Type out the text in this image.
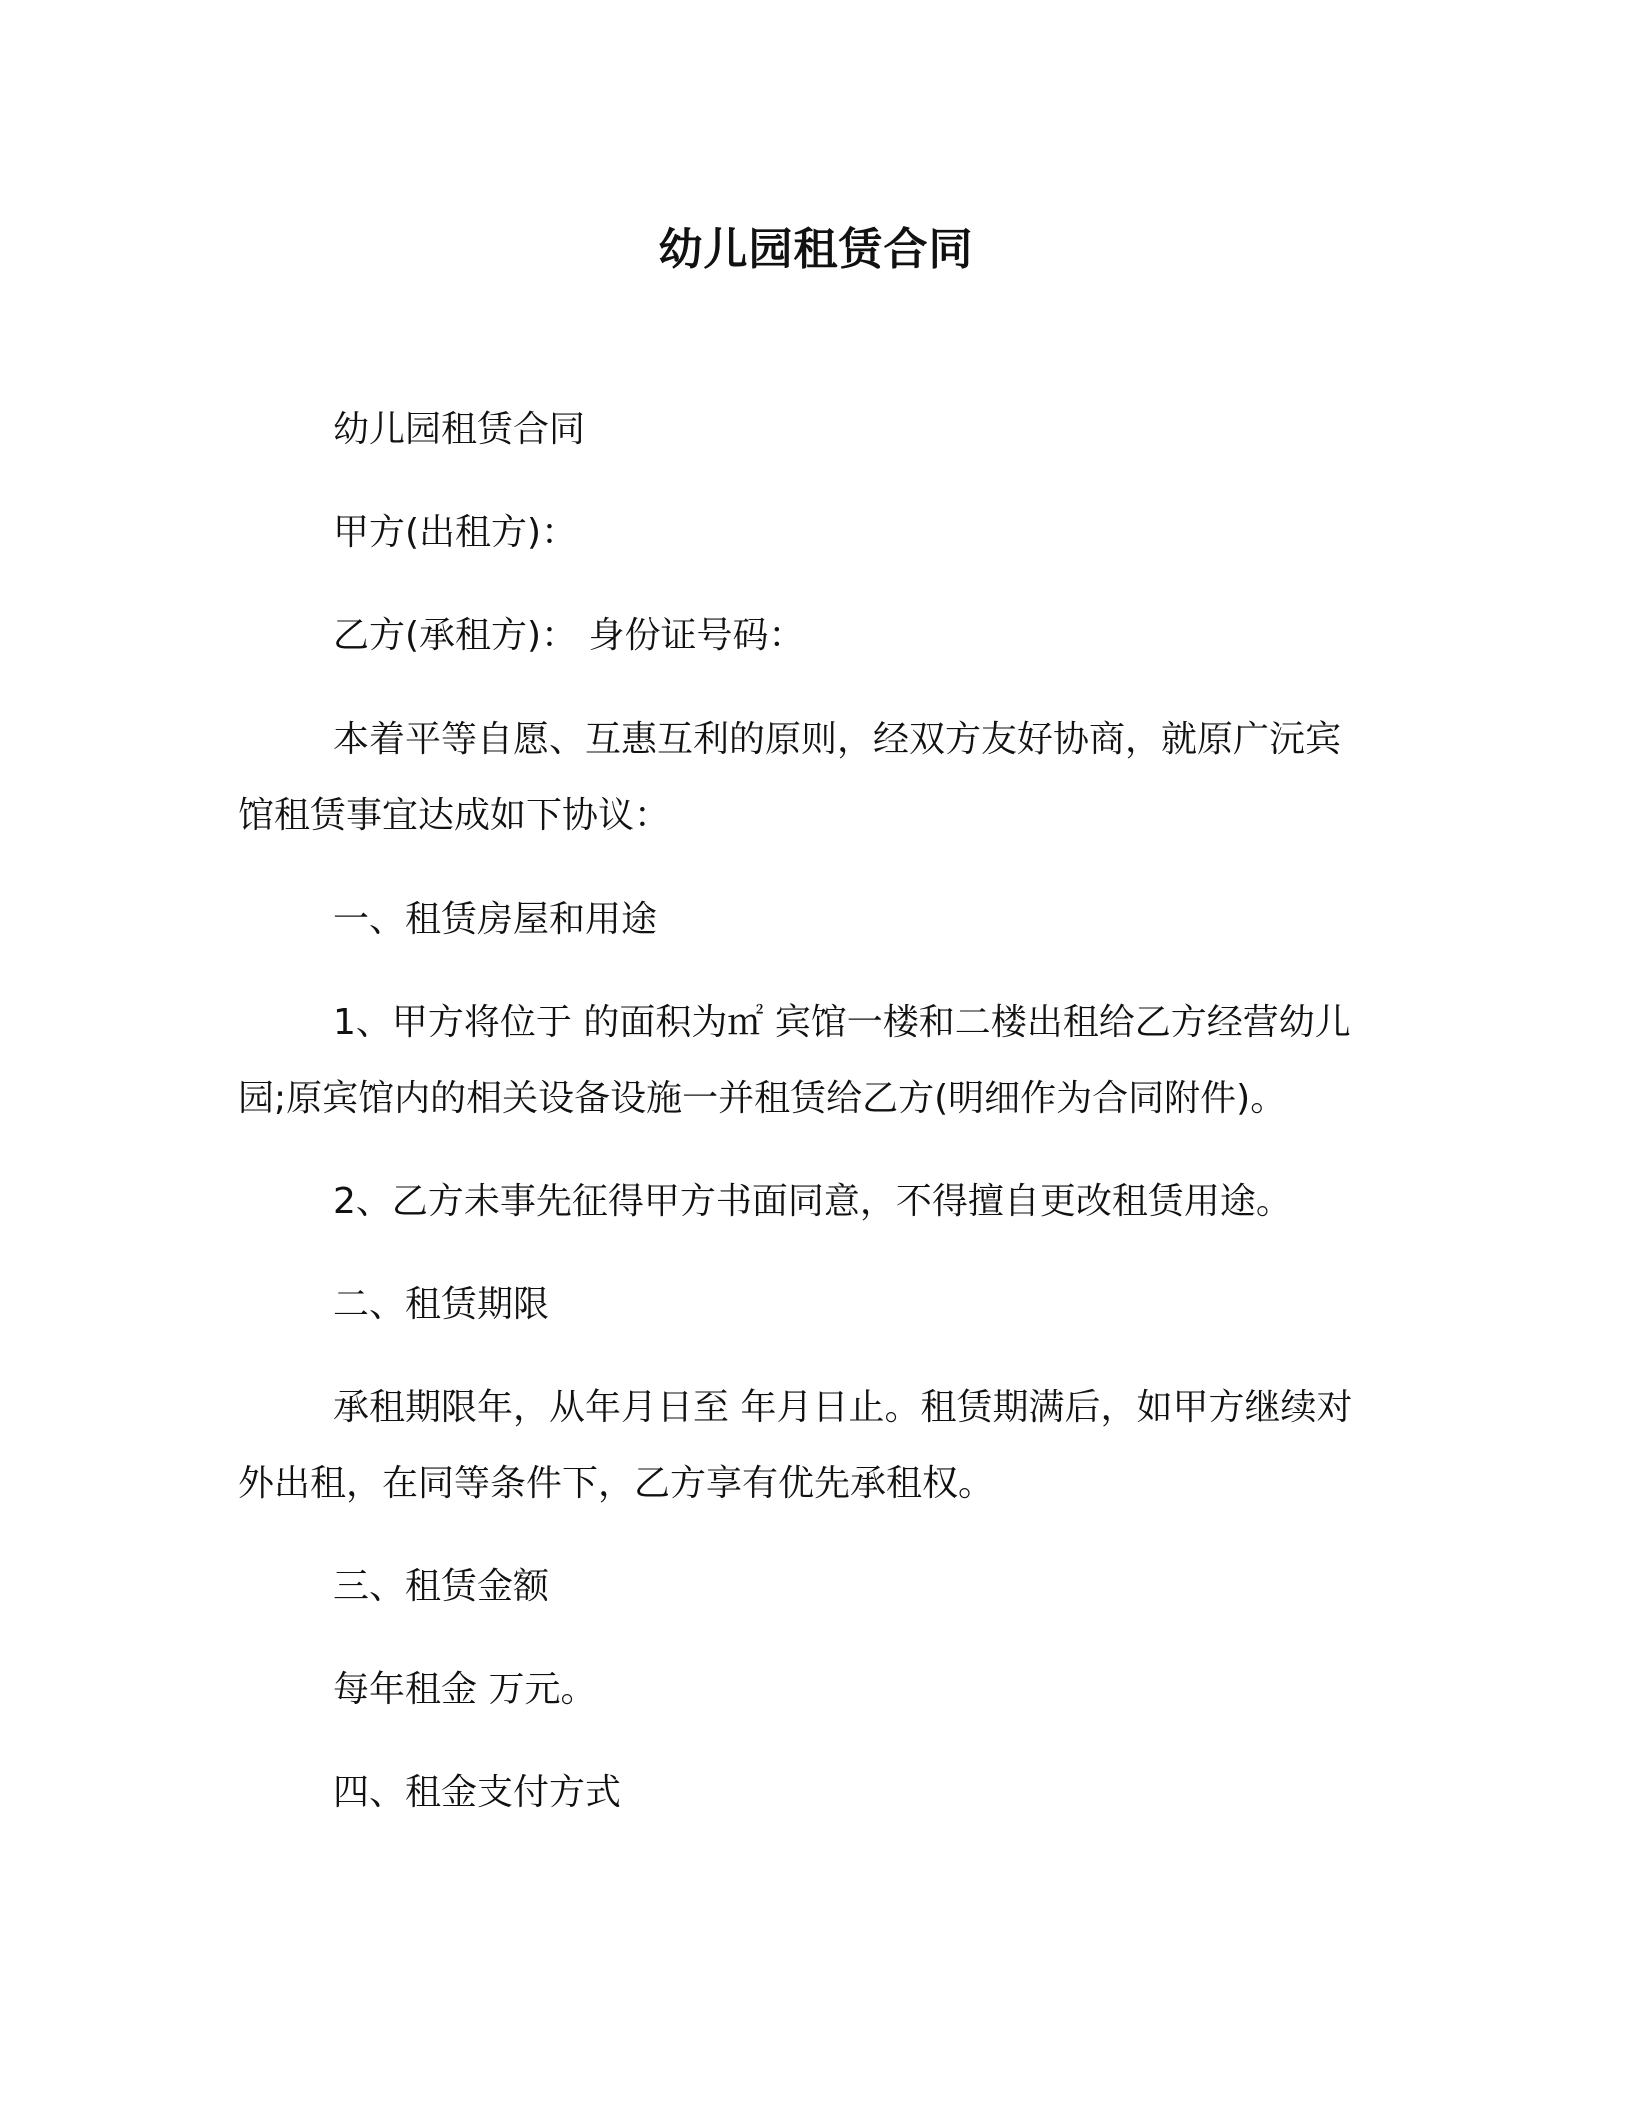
幼儿园租赁合同

幼儿园租赁合同

甲方(出租方)：

乙方(承租方)： 身份证号码：

本着平等自愿、互惠互利的原则，经双方友好协商，就原广沅宾

馆租赁事宜达成如下协议：

一、租赁房屋和用途

1、甲方将位于 的面积为㎡ 宾馆一楼和二楼出租给乙方经营幼儿

园;原宾馆内的相关设备设施一并租赁给乙方(明细作为合同附件)。

2、乙方未事先征得甲方书面同意，不得擅自更改租赁用途。

二、租赁期限

承租期限年，从年月日至 年月日止。租赁期满后，如甲方继续对

外出租，在同等条件下，乙方享有优先承租权。

三、租赁金额

每年租金 万元。

四、租金支付方式
